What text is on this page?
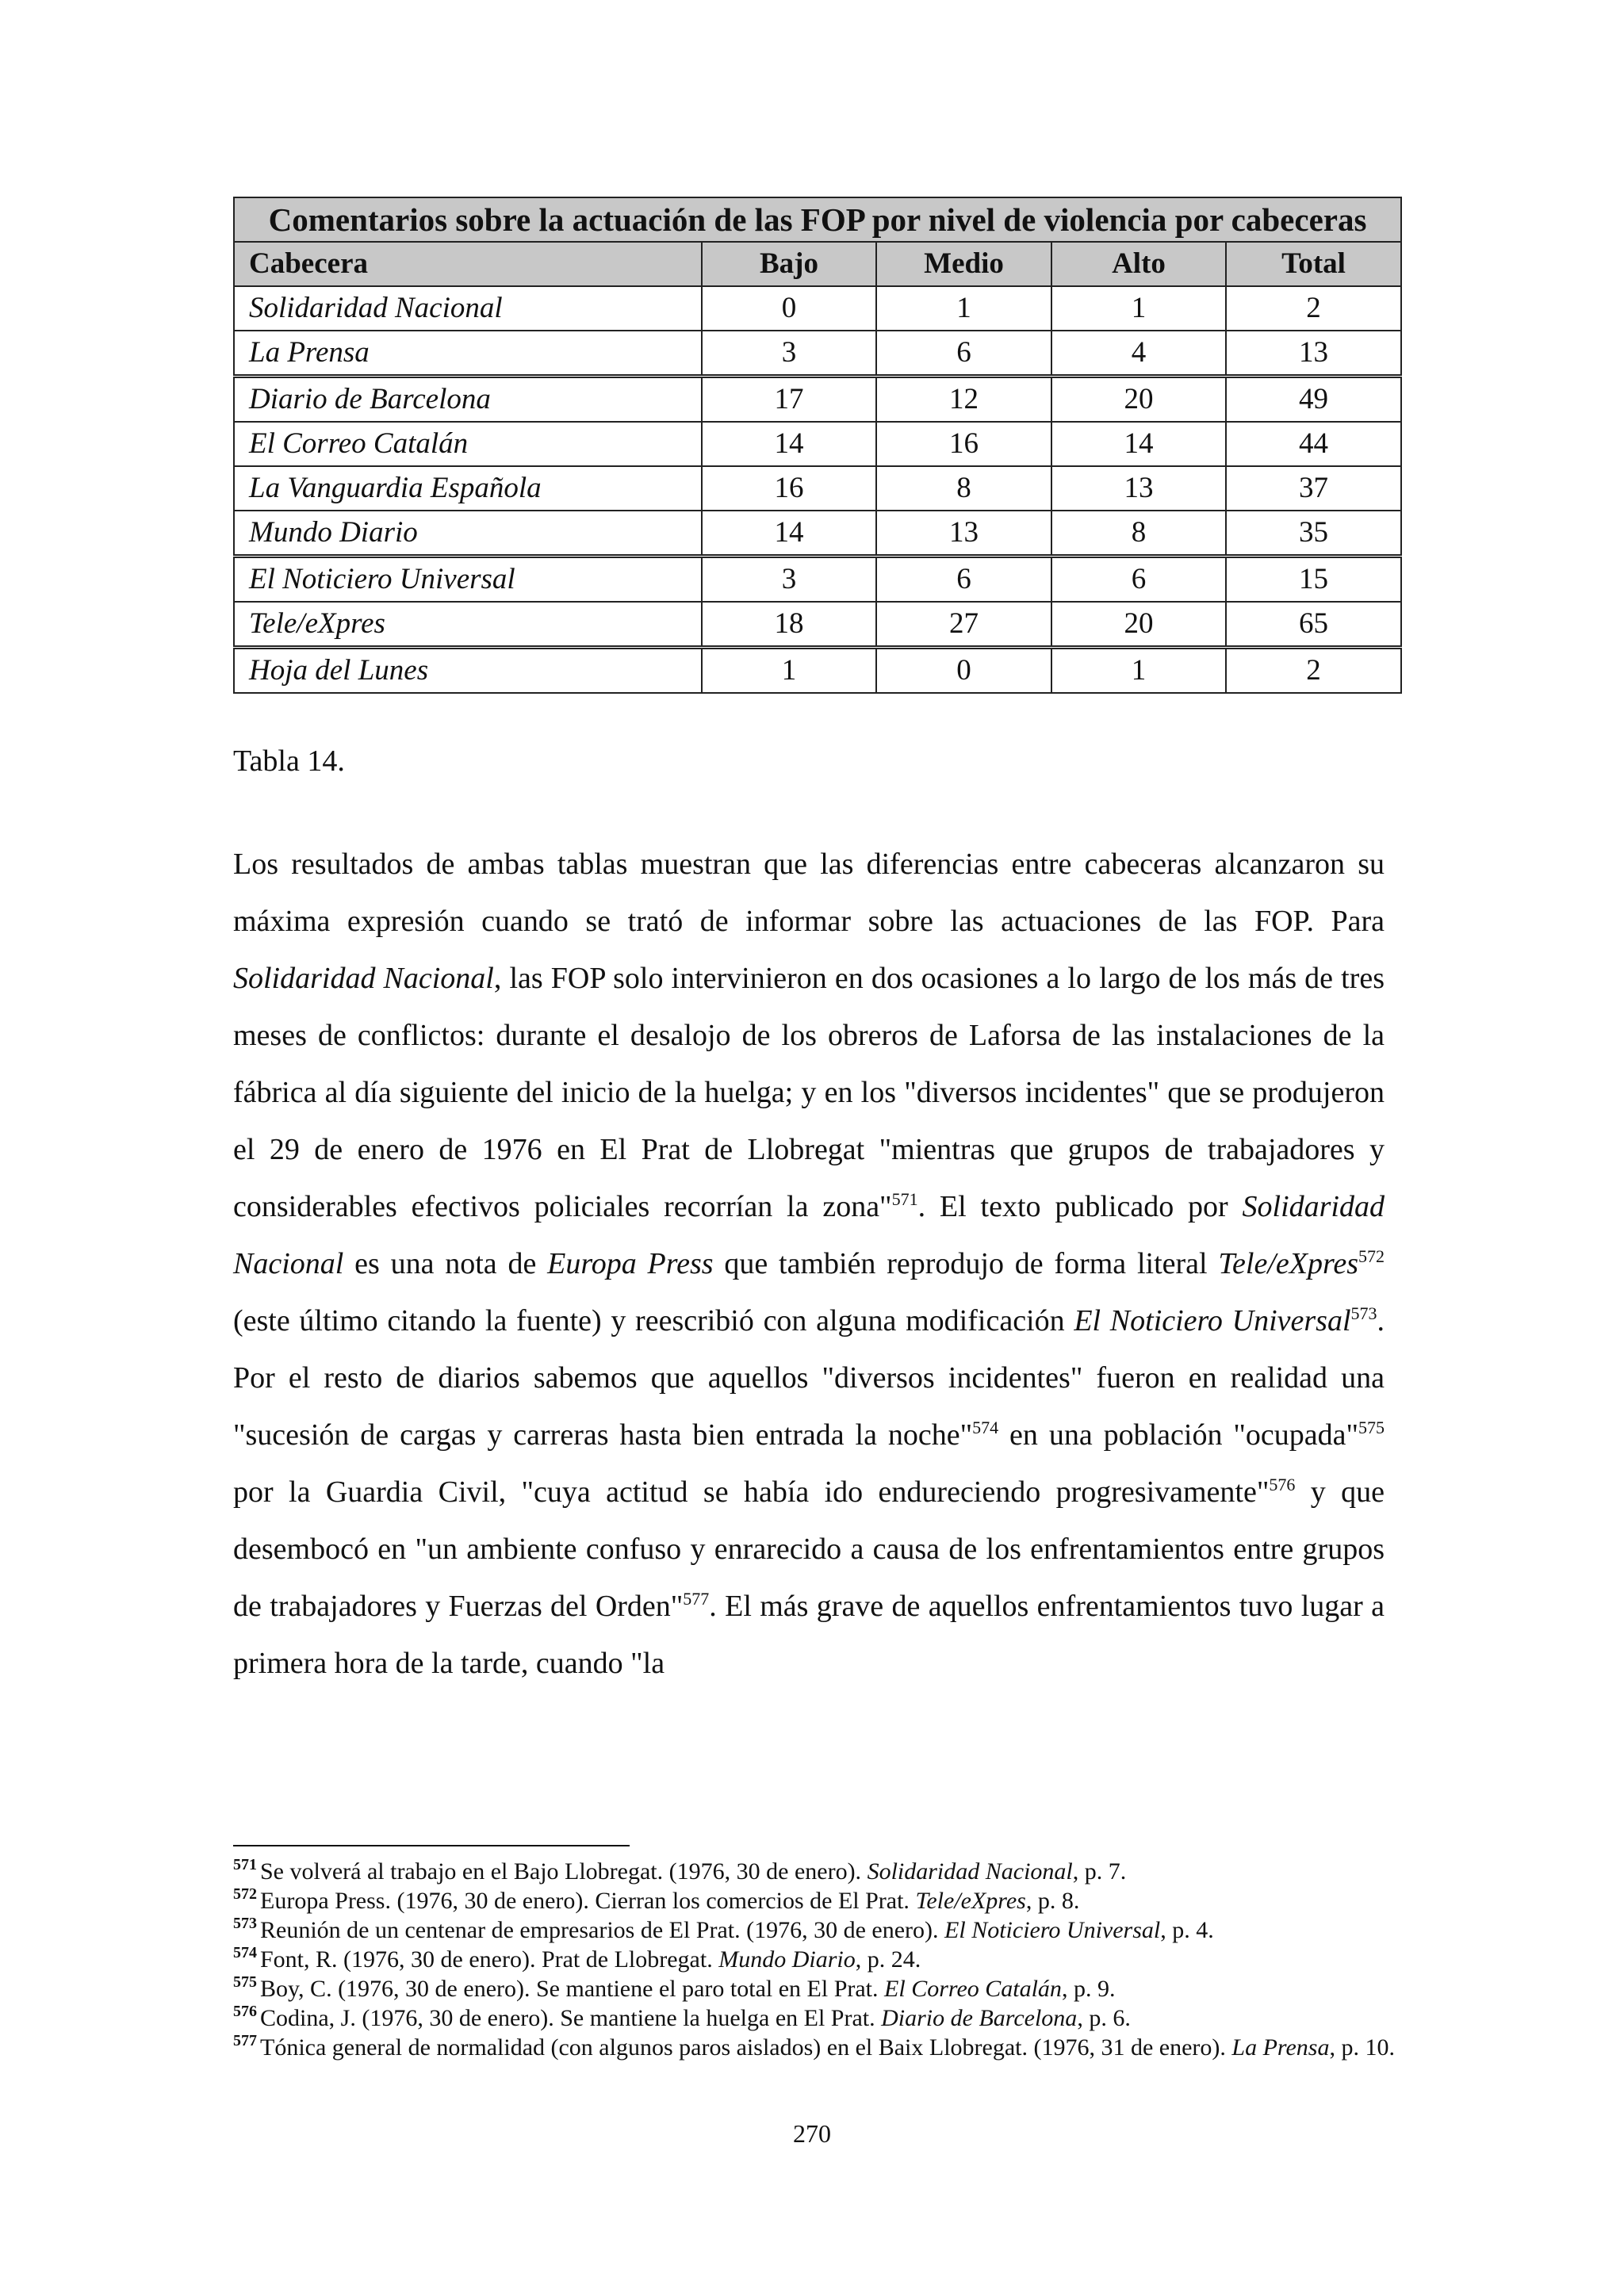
Comentarios sobre la actuación de las FOP por nivel de violencia por cabeceras				
Cabecera	Bajo	Medio	Alto	Total
Solidaridad Nacional	0	1	1	2
La Prensa	3	6	4	13
Diario de Barcelona	17	12	20	49
El Correo Catalán	14	16	14	44
La Vanguardia Española	16	8	13	37
Mundo Diario	14	13	8	35
El Noticiero Universal	3	6	6	15
Tele/eXpres	18	27	20	65
Hoja del Lunes	1	0	1	2
Tabla 14.

Los resultados de ambas tablas muestran que las diferencias entre cabeceras alcanzaron su máxima expresión cuando se trató de informar sobre las actuaciones de las FOP. Para Solidaridad Nacional, las FOP solo intervinieron en dos ocasiones a lo largo de los más de tres meses de conflictos: durante el desalojo de los obreros de Laforsa de las instalaciones de la fábrica al día siguiente del inicio de la huelga; y en los "diversos incidentes" que se produjeron el 29 de enero de 1976 en El Prat de Llobregat "mientras que grupos de trabajadores y considerables efectivos policiales recorrían la zona"$^{571}$. El texto publicado por Solidaridad Nacional es una nota de Europa Press que también reprodujo de forma literal Tele/eXpres$^{572}$ (este último citando la fuente) y reescribió con alguna modificación El Noticiero Universal$^{573}$. Por el resto de diarios sabemos que aquellos "diversos incidentes" fueron en realidad una "sucesión de cargas y carreras hasta bien entrada la noche"$^{574}$ en una población "ocupada"$^{575}$ por la Guardia Civil, "cuya actitud se había ido endureciendo progresivamente"$^{576}$ y que desembocó en "un ambiente confuso y enrarecido a causa de los enfrentamientos entre grupos de trabajadores y Fuerzas del Orden"$^{577}$. El más grave de aquellos enfrentamientos tuvo lugar a primera hora de la tarde, cuando "la

$^{571}$ Se volverá al trabajo en el Bajo Llobregat. (1976, 30 de enero). Solidaridad Nacional, p. 7.

$^{572}$ Europa Press. (1976, 30 de enero). Cierran los comercios de El Prat. Tele/eXpres, p. 8.

$^{573}$ Reunión de un centenar de empresarios de El Prat. (1976, 30 de enero). El Noticiero Universal, p. 4.

$^{574}$ Font, R. (1976, 30 de enero). Prat de Llobregat. Mundo Diario, p. 24.

$^{575}$ Boy, C. (1976, 30 de enero). Se mantiene el paro total en El Prat. El Correo Catalán, p. 9.

$^{576}$ Codina, J. (1976, 30 de enero). Se mantiene la huelga en El Prat. Diario de Barcelona, p. 6.

$^{577}$ Tónica general de normalidad (con algunos paros aislados) en el Baix Llobregat. (1976, 31 de enero). La Prensa, p. 10.

270
